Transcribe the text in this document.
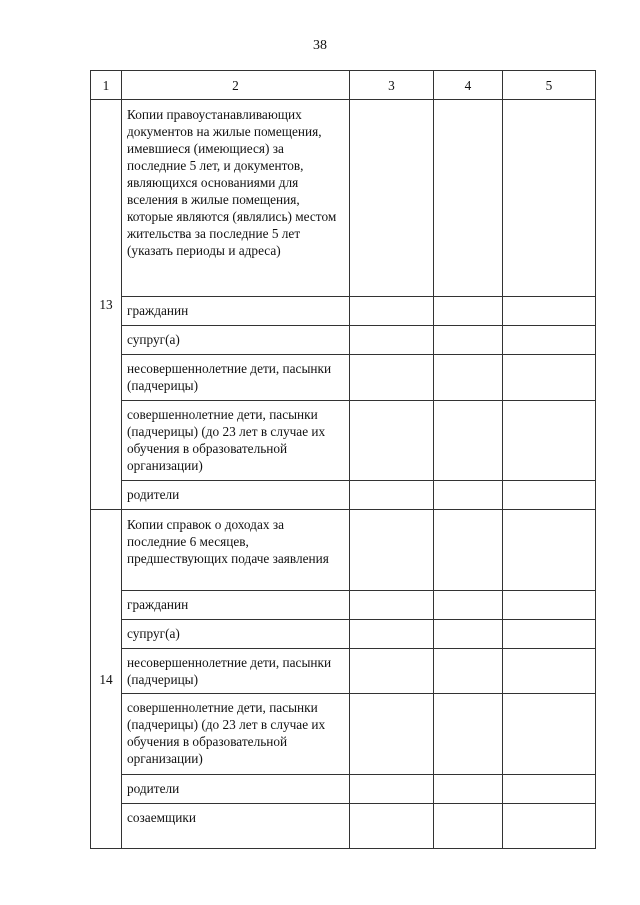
38
1	2	3	4	5
13	Копии правоустанавливающих документов на жилые помещения, имевшиеся (имеющиеся) за последние 5 лет, и документов, являющихся основаниями для вселения в жилые помещения, которые являются (являлись) местом жительства за последние 5 лет (указать периоды и адреса)			
	гражданин			
	супруг(а)			
	несовершеннолетние дети, пасынки (падчерицы)			
	совершеннолетние дети, пасынки (падчерицы) (до 23 лет в случае их обучения в образовательной организации)			
	родители			
14	Копии справок о доходах за последние 6 месяцев, предшествующих подаче заявления			
	гражданин			
	супруг(а)			
	несовершеннолетние дети, пасынки (падчерицы)			
	совершеннолетние дети, пасынки (падчерицы) (до 23 лет в случае их обучения в образовательной организации)			
	родители			
	созаемщики			
